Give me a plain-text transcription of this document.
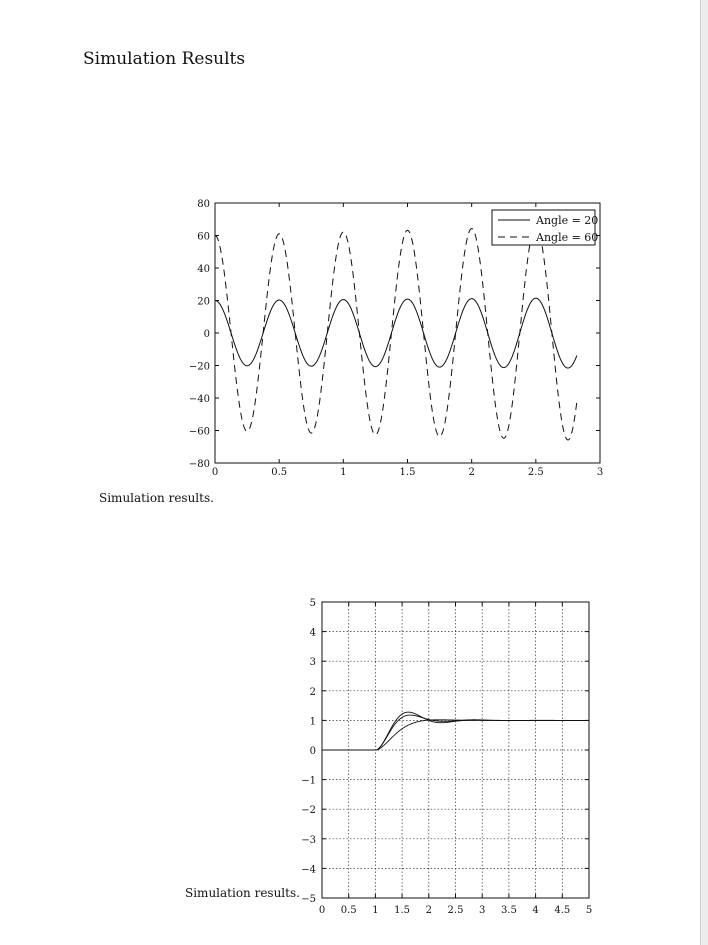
Simulation Results
0	0.5	1	1.5	2	2.5	3
80
60
40
20
0
−20
−40
−60
−80
Angle = 20
Angle = 60
Simulation results.
0 0.5 1 1.5 2 2.5 3 3.5 4 4.5 5
5
4
3
2
1
0
−1
−2
−3
−4
−5
Simulation results.
